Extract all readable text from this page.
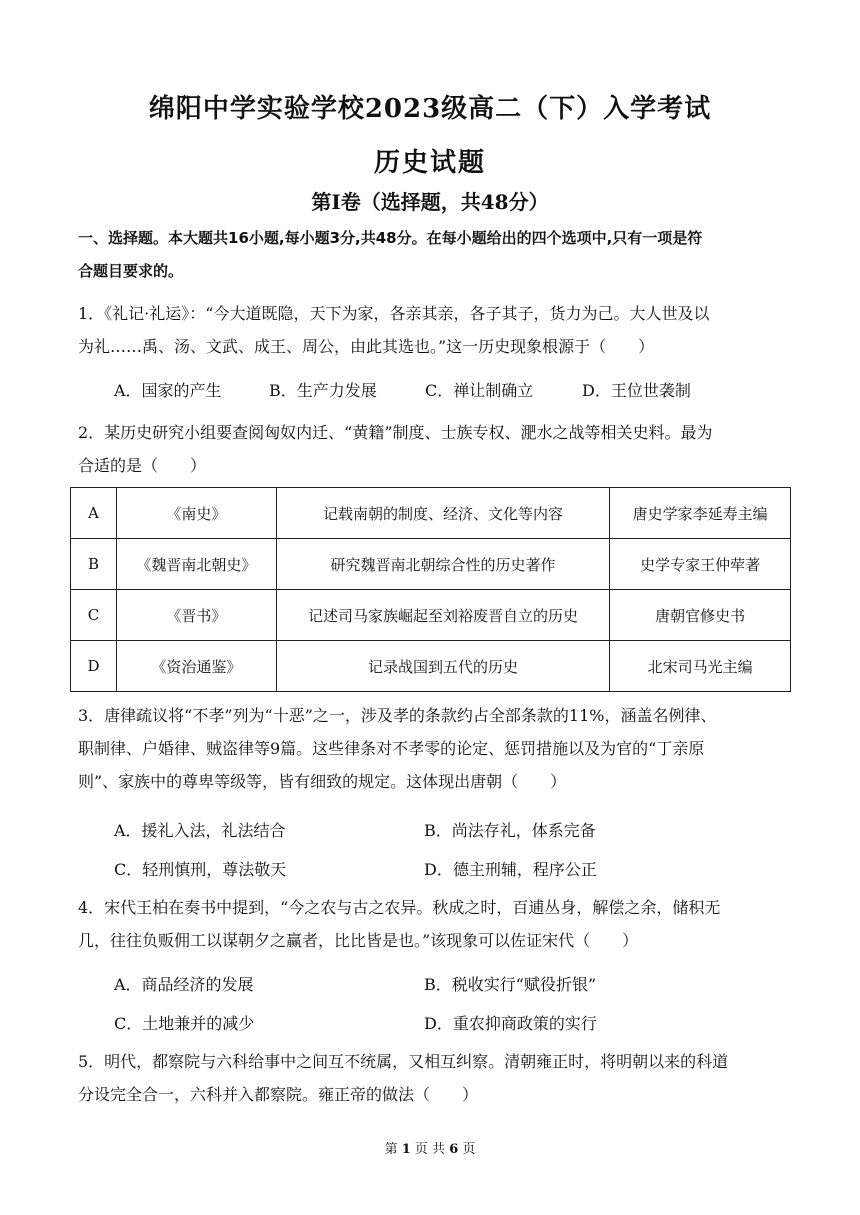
绵阳中学实验学校2023级高二（下）入学考试
历史试题
第Ⅰ卷（选择题，共48分）
一、选择题。本大题共16小题,每小题3分,共48分。在每小题给出的四个选项中,只有一项是符
合题目要求的。
1．《礼记·礼运》：“今大道既隐，天下为家，各亲其亲，各子其子，货力为己。大人世及以
为礼……禹、汤、文武、成王、周公，由此其选也。”这一历史现象根源于（　　）
A．国家的产生	B．生产力发展	C．禅让制确立	D．王位世袭制
2．某历史研究小组要查阅匈奴内迁、“黄籍”制度、士族专权、淝水之战等相关史料。最为
合适的是（　　）
A	《南史》	记载南朝的制度、经济、文化等内容	唐史学家李延寿主编
B	《魏晋南北朝史》	研究魏晋南北朝综合性的历史著作	史学专家王仲荦著
C	《晋书》	记述司马家族崛起至刘裕废晋自立的历史	唐朝官修史书
D	《资治通鉴》	记录战国到五代的历史	北宋司马光主编
3．唐律疏议将“不孝”列为“十恶”之一，涉及孝的条款约占全部条款的11%，涵盖名例律、
职制律、户婚律、贼盗律等9篇。这些律条对不孝零的论定、惩罚措施以及为官的“丁亲原
则”、家族中的尊卑等级等，皆有细致的规定。这体现出唐朝（　　）
A．援礼入法，礼法结合	B．尚法存礼，体系完备
C．轻刑慎刑，尊法敬天	D．德主刑辅，程序公正
4．宋代王柏在奏书中提到，“今之农与古之农异。秋成之时，百逋丛身，解偿之余，储积无
几，往往负贩佣工以谋朝夕之赢者，比比皆是也。”该现象可以佐证宋代（　　）
A．商品经济的发展	B．税收实行“赋役折银”
C．土地兼并的减少	D．重农抑商政策的实行
5．明代，都察院与六科给事中之间互不统属，又相互纠察。清朝雍正时，将明朝以来的科道
分设完全合一，六科并入都察院。雍正帝的做法（　　）
第 1 页 共 6 页
